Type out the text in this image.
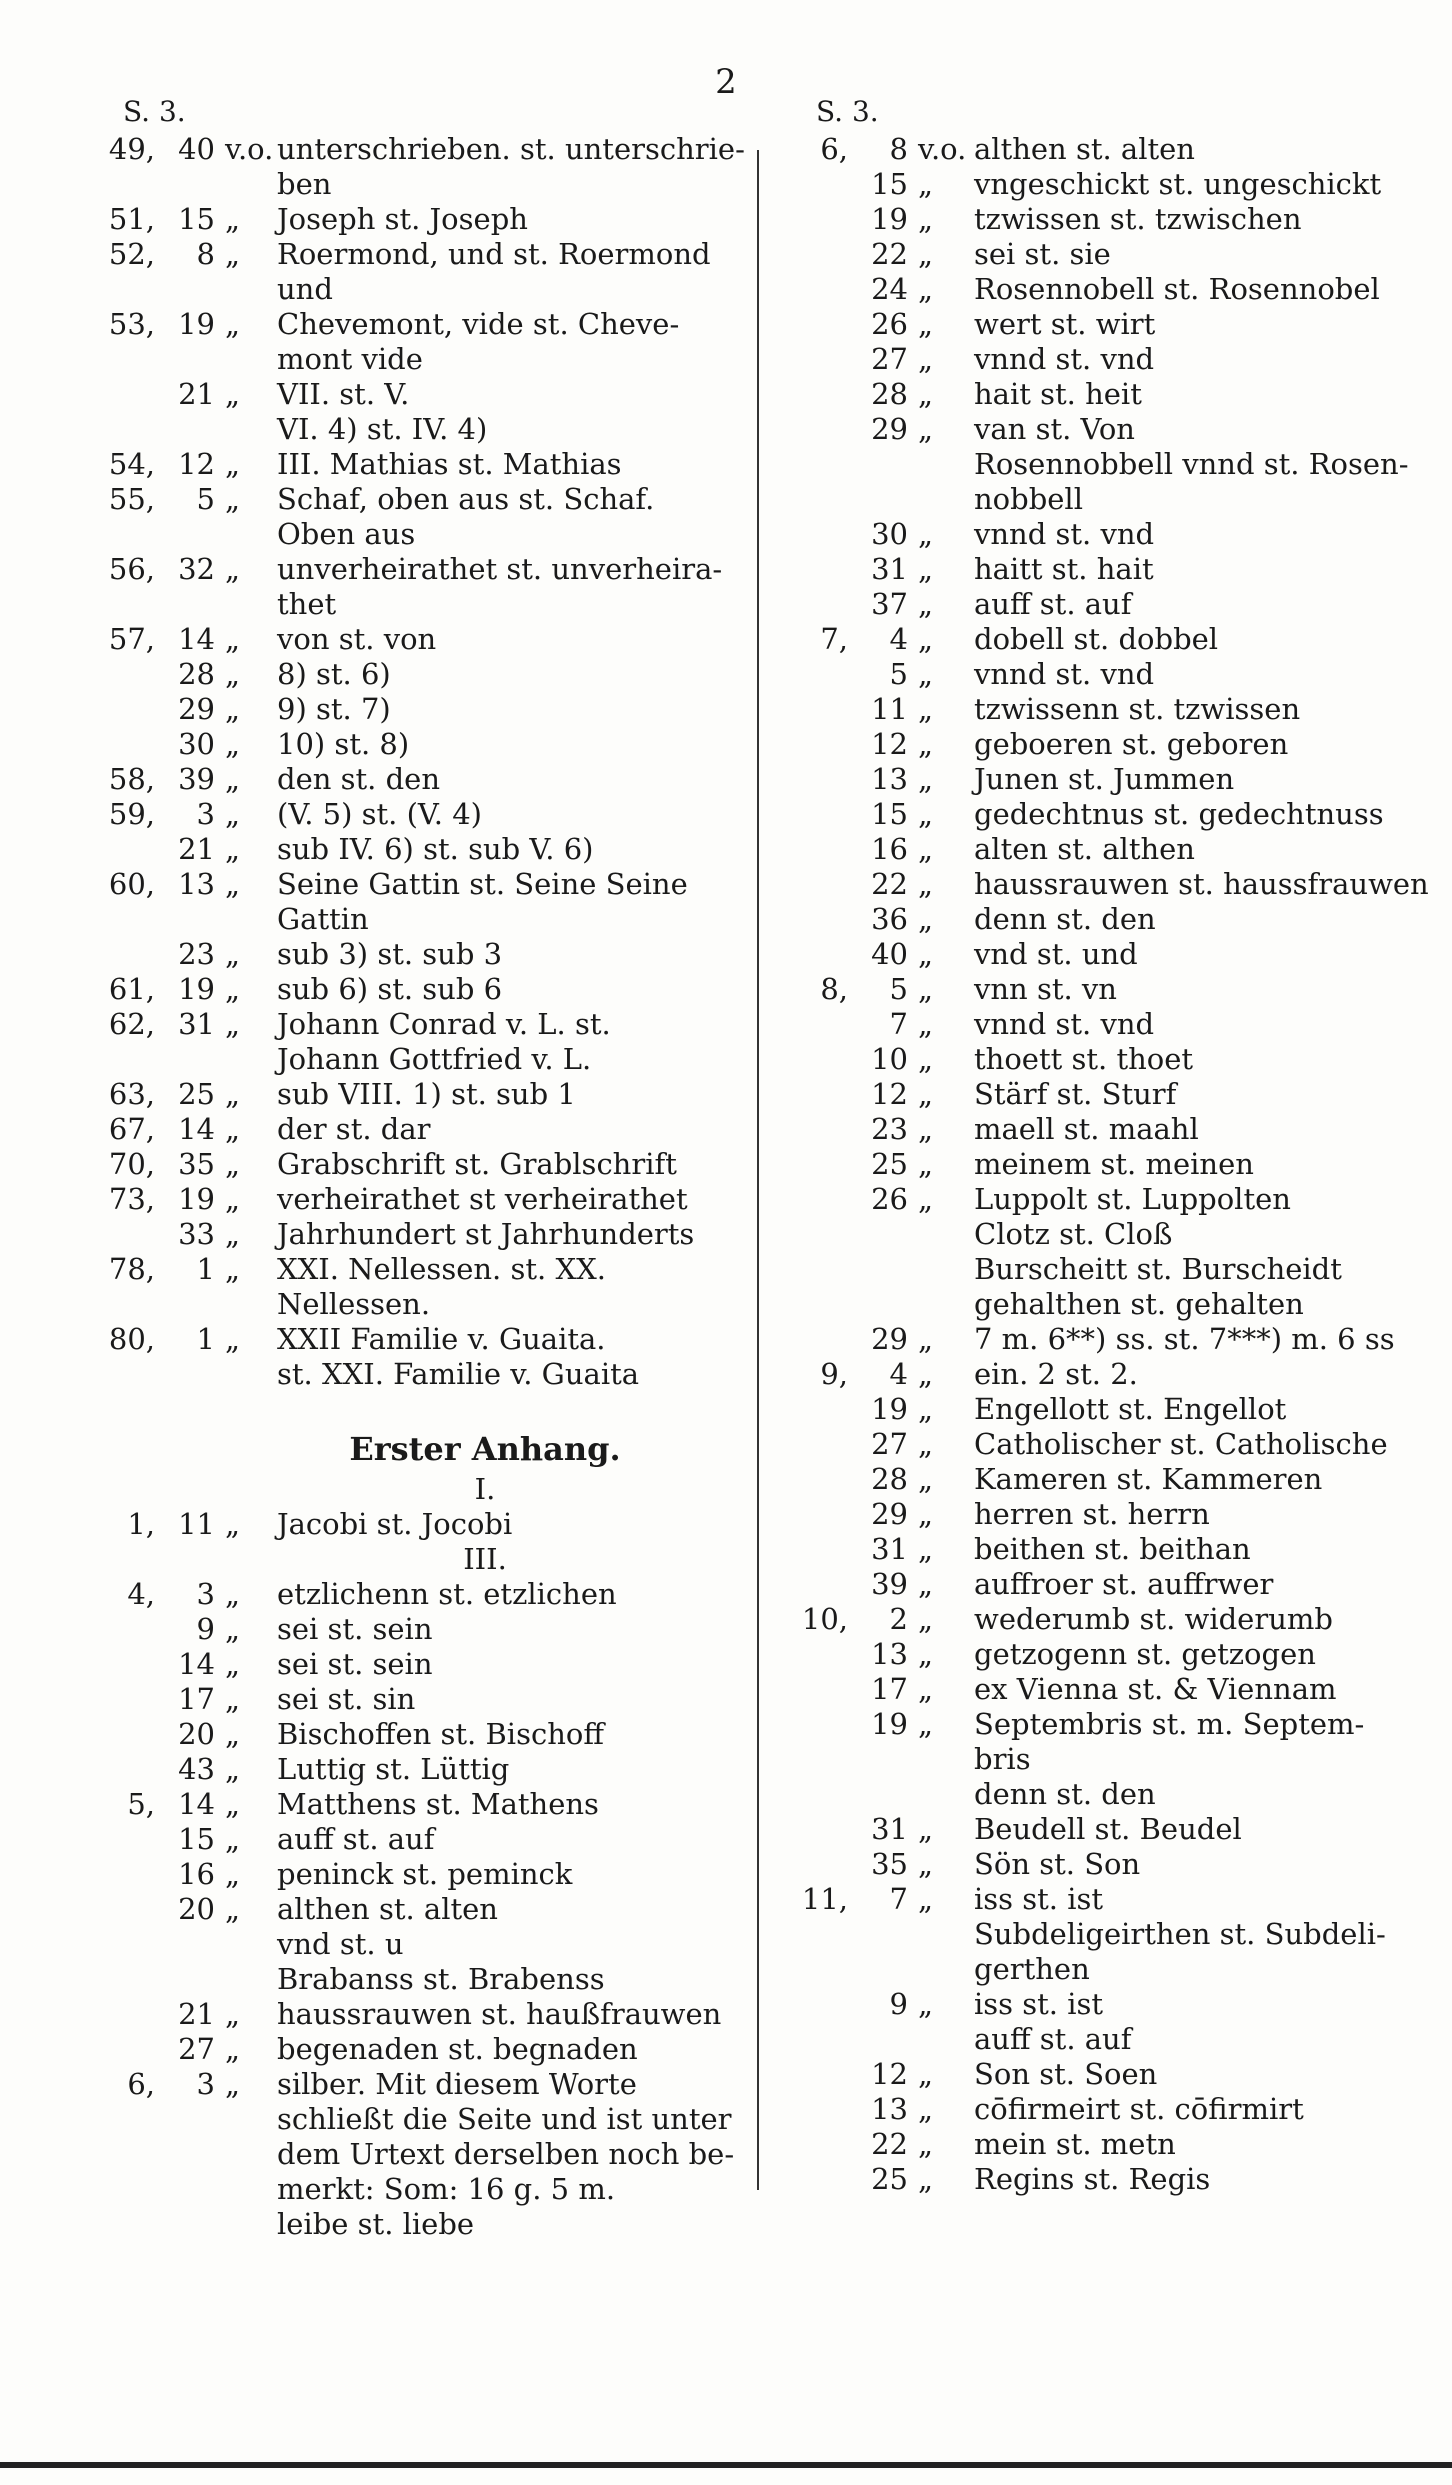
2
S. 3.
49, 40 v.o. unterschrieben. st. unterschrie-
ben
51, 15 „	Joseph st. Joseph
52,	8 „	Roermond, und st. Roermond
und
53, 19 „	Chevemont, vide st. Cheve-
mont vide
21 „	VII. st. V.
VI. 4) st. IV. 4)
54, 12 „	III. Mathias st. Mathias
55,	5 „	Schaf, oben aus st. Schaf.
Oben aus
56, 32 „	unverheirathet st. unverheira-
thet
57, 14 „	von st. von
28 „	8) st. 6)
29 „	9) st. 7)
30 „	10) st. 8)
58, 39 „	den st. den
59,	3 „	(V. 5) st. (V. 4)
21 „	sub IV. 6) st. sub V. 6)
60, 13 „	Seine Gattin st. Seine Seine
Gattin
23 „	sub 3) st. sub 3
61, 19 „	sub 6) st. sub 6
62, 31 „	Johann Conrad v. L. st.
Johann Gottfried v. L.
63, 25 „	sub VIII. 1) st. sub 1
67, 14 „	der st. dar
70, 35 „	Grabschrift st. Grablschrift
73, 19 „	verheirathet st verheirathet
33 „	Jahrhundert st Jahrhunderts
78,	1 „	XXI. Nellessen. st. XX.
Nellessen.
80,	1 „	XXII Familie v. Guaita.
st. XXI. Familie v. Guaita
Erster Anhang.
I.
1, 11 „	Jacobi st. Jocobi
III.
4,	3 „	etzlichenn st. etzlichen
9 „	sei st. sein
14 „	sei st. sein
17 „	sei st. sin
20 „	Bischoffen st. Bischoff
43 „	Luttig st. Lüttig
5, 14 „	Matthens st. Mathens
15 „	auff st. auf
16 „	peninck st. peminck
20 „	althen st. alten
vnd st. u
Brabanss st. Brabenss
21 „	haussrauwen st. haußfrauwen
27 „	begenaden st. begnaden
6,	3 „	silber. Mit diesem Worte
schließt die Seite und ist unter
dem Urtext derselben noch be-
merkt: Som: 16 g. 5 m.
leibe st. liebe
S. 3.
6,	8 v.o. althen st. alten
15 „	vngeschickt st. ungeschickt
19 „	tzwissen st. tzwischen
22 „	sei st. sie
24 „	Rosennobell st. Rosennobel
26 „	wert st. wirt
27 „	vnnd st. vnd
28 „	hait st. heit
29 „	van st. Von
Rosennobbell vnnd st. Rosen-
nobbell
30 „	vnnd st. vnd
31 „	haitt st. hait
37 „	auff st. auf
7,	4 „	dobell st. dobbel
5 „	vnnd st. vnd
11 „	tzwissenn st. tzwissen
12 „	geboeren st. geboren
13 „	Junen st. Jummen
15 „	gedechtnus st. gedechtnuss
16 „	alten st. althen
22 „	haussrauwen st. haussfrauwen
36 „	denn st. den
40 „	vnd st. und
8,	5 „	vnn st. vn
7 „	vnnd st. vnd
10 „	thoett st. thoet
12 „	Stärf st. Sturf
23 „	maell st. maahl
25 „	meinem st. meinen
26 „	Luppolt st. Luppolten
Clotz st. Cloß
Burscheitt st. Burscheidt
gehalthen st. gehalten
29 „	7 m. 6**) ss. st. 7***) m. 6 ss
9,	4 „	ein. 2 st. 2.
19 „	Engellott st. Engellot
27 „	Catholischer st. Catholische
28 „	Kameren st. Kammeren
29 „	herren st. herrn
31 „	beithen st. beithan
39 „	auffroer st. auffrwer
10,	2 „	wederumb st. widerumb
13 „	getzogenn st. getzogen
17 „	ex Vienna st. & Viennam
19 „	Septembris st. m. Septem-
bris
denn st. den
31 „	Beudell st. Beudel
35 „	Sön st. Son
11,	7 „	iss st. ist
Subdeligeirthen st. Subdeli-
gerthen
9 „	iss st. ist
auff st. auf
12 „	Son st. Soen
13 „	cōfirmeirt st. cōfirmirt
22 „	mein st. metn
25 „	Regins st. Regis
